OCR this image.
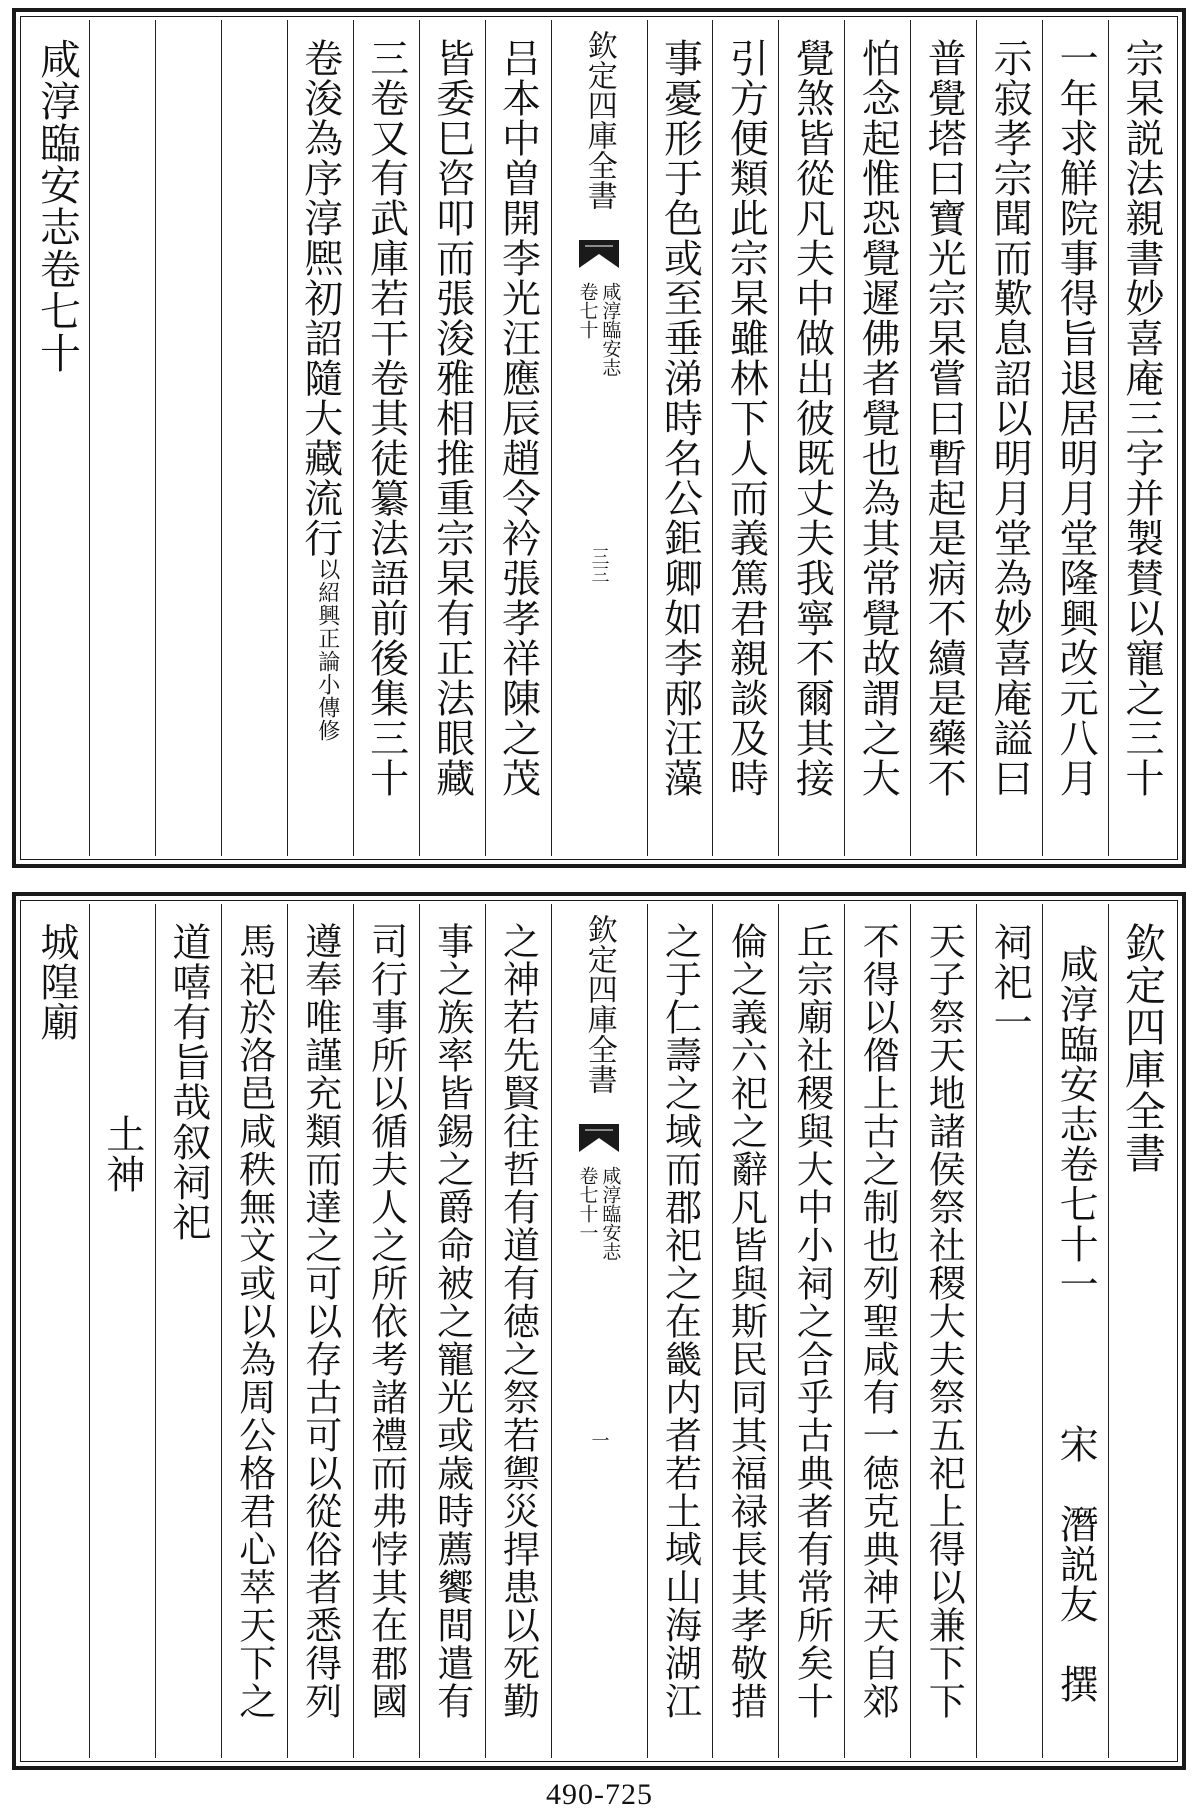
宗杲説法親書妙喜庵三字并製賛以寵之三十
一年求觧院事得旨退居明月堂隆興改元八月
示寂孝宗聞而歎息詔以明月堂為妙喜庵謚曰
普覺塔曰寶光宗杲嘗曰暫起是病不續是藥不
怕念起惟恐覺遲佛者覺也為其常覺故謂之大
覺煞皆從凡夫中做出彼既丈夫我寧不爾其接
引方便類此宗杲雖林下人而義篤君親談及時
事憂形于色或至垂涕時名公鉅卿如李邴汪藻
欽定四庫全書
咸淳臨安志
卷七十
三三
吕本中曽開李光汪應辰趙令衿張孝祥陳之茂
皆委巳咨叩而張浚雅相推重宗杲有正法眼藏
三卷又有武庫若干卷其徒纂法語前後集三十
卷浚為序淳熈初詔隨大藏流行以紹興正論小傳修
咸淳臨安志卷七十
欽定四庫全書
咸淳臨安志卷七十一　　　宋　潛説友　撰
祠祀一
天子祭天地諸侯祭社稷大夫祭五祀上得以兼下下
不得以偺上古之制也列聖咸有一徳克典神天自郊
丘宗廟社稷與大中小祠之合乎古典者有常所矣十
倫之義六祀之辭凡皆與斯民同其福禄長其孝敬措
之于仁壽之域而郡祀之在畿内者若土域山海湖江
欽定四庫全書
咸淳臨安志
卷七十一
一
之神若先賢往哲有道有徳之祭若禦災捍患以死勤
事之族率皆錫之爵命被之寵光或歳時薦饗間遣有
司行事所以循夫人之所依考諸禮而弗悖其在郡國
遵奉唯謹充類而達之可以存古可以從俗者悉得列
馬祀於洛邑咸秩無文或以為周公格君心萃天下之
道嘻有旨哉叙祠祀
　　土神
城隍廟
490-725
